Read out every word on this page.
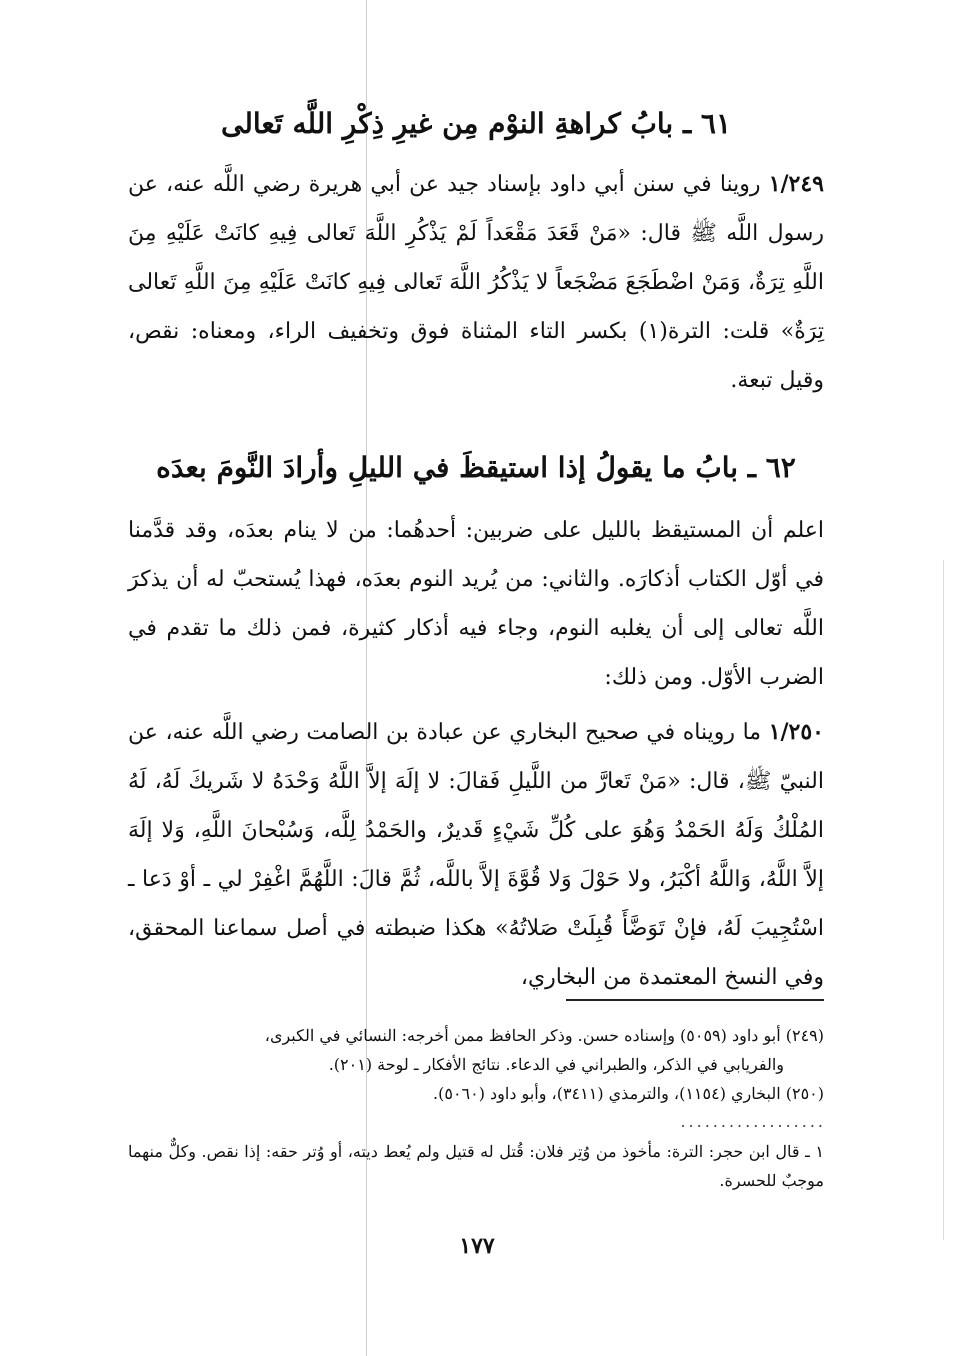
٦١ ـ بابُ كراهةِ النوْم مِن غيرِ ذِكْرِ اللَّه تَعالى
١/٢٤٩ روينا في سنن أبي داود بإسناد جيد عن أبي هريرة رضي اللَّه عنه، عن رسول اللَّه ﷺ قال: «مَنْ قَعَدَ مَقْعَداً لَمْ يَذْكُرِ اللَّهَ تَعالى فِيهِ كانَتْ عَلَيْهِ مِنَ اللَّهِ تِرَةٌ، وَمَنْ اضْطَجَعَ مَضْجَعاً لا يَذْكُرُ اللَّهَ تَعالى فِيهِ كانَتْ عَلَيْهِ مِنَ اللَّهِ تَعالى تِرَةٌ» قلت: الترة(١) بكسر التاء المثناة فوق وتخفيف الراء، ومعناه: نقص، وقيل تبعة.
٦٢ ـ بابُ ما يقولُ إذا استيقظَ في الليلِ وأرادَ النَّومَ بعدَه
اعلم أن المستيقظ بالليل على ضربين: أحدهُما: من لا ينام بعدَه، وقد قدَّمنا في أوّل الكتاب أذكارَه. والثاني: من يُريد النوم بعدَه، فهذا يُستحبّ له أن يذكرَ اللَّه تعالى إلى أن يغلبه النوم، وجاء فيه أذكار كثيرة، فمن ذلك ما تقدم في الضرب الأوّل. ومن ذلك:
١/٢٥٠ ما رويناه في صحيح البخاري عن عبادة بن الصامت رضي اللَّه عنه، عن النبيّ ﷺ، قال: «مَنْ تَعارَّ من اللَّيلِ فَقالَ: لا إلَهَ إلاَّ اللَّهُ وَحْدَهُ لا شَريكَ لَهُ، لَهُ المُلْكُ وَلَهُ الحَمْدُ وَهُوَ على كُلِّ شَيْءٍ قَديرٌ، والحَمْدُ لِلَّه، وَسُبْحانَ اللَّهِ، وَلا إلَهَ إلاَّ اللَّهُ، وَاللَّهُ أكْبَرُ، ولا حَوْلَ وَلا قُوَّةَ إلاَّ باللَّه، ثُمَّ قالَ: اللَّهُمَّ اغْفِرْ لي ـ أوْ دَعا ـ اسْتُجِيبَ لَهُ، فإنْ تَوَضَّأَ قُبِلَتْ صَلاتُهُ» هكذا ضبطته في أصل سماعنا المحقق، وفي النسخ المعتمدة من البخاري،
(٢٤٩) أبو داود (٥٠٥٩) وإسناده حسن. وذكر الحافظ ممن أخرجه: النسائي في الكبرى،
والفريابي في الذكر، والطبراني في الدعاء. نتائج الأفكار ـ لوحة (٢٠١).
(٢٥٠) البخاري (١١٥٤)، والترمذي (٣٤١١)، وأبو داود (٥٠٦٠).
..................
١ ـ قال ابن حجر: الترة: مأخوذ من وُتِر فلان: قُتل له قتيل ولم يُعط ديته، أو وُتر حقه: إذا نقص. وكلٌّ منهما موجبٌ للحسرة.
١٧٧
